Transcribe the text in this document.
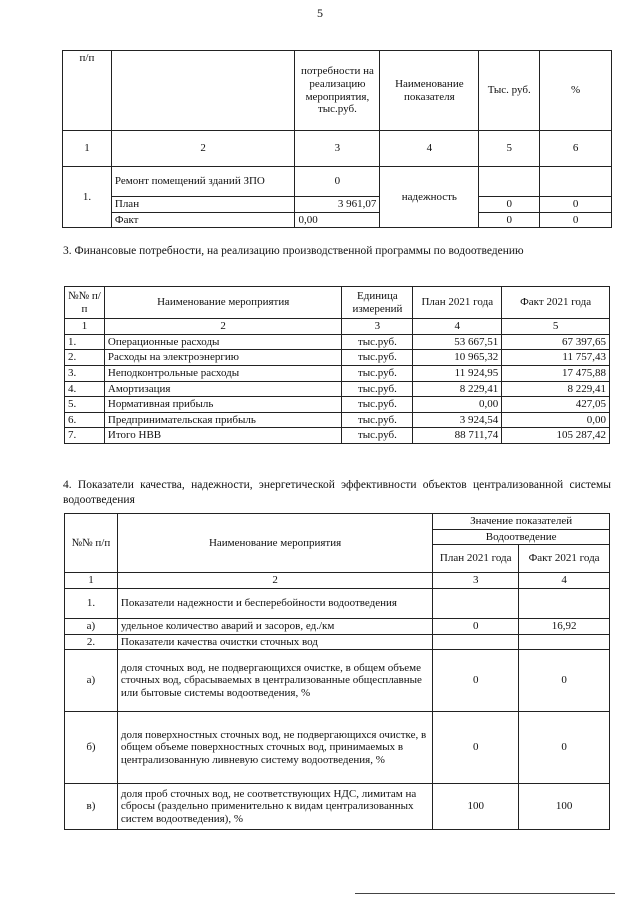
5
п/п		потребности на реализацию мероприятия, тыс.руб.	Наименование показателя	Тыс. руб.	%
1	2	3	4	5	6
1.	Ремонт помещений зданий ЗПО	0	надежность		
	План	3 961,07		0	0
	Факт	0,00		0	0
3. Финансовые потребности, на реализацию производственной программы по водоотведению
№№ п/п	Наименование мероприятия	Единица измерений	План 2021 года	Факт 2021 года
1	2	3	4	5
1.	Операционные расходы	тыс.руб.	53 667,51	67 397,65
2.	Расходы на электроэнергию	тыс.руб.	10 965,32	11 757,43
3.	Неподконтрольные расходы	тыс.руб.	11 924,95	17 475,88
4.	Амортизация	тыс.руб.	8 229,41	8 229,41
5.	Нормативная прибыль	тыс.руб.	0,00	427,05
6.	Предпринимательская прибыль	тыс.руб.	3 924,54	0,00
7.	Итого НВВ	тыс.руб.	88 711,74	105 287,42
4. Показатели качества, надежности, энергетической эффективности объектов централизованной системы водоотведения
№№ п/п	Наименование мероприятия	Значение показателей	
		Водоотведение	
		План 2021 года	Факт 2021 года
1	2	3	4
1.	Показатели надежности и бесперебойности водоотведения		
а)	удельное количество аварий и засоров, ед./км	0	16,92
2.	Показатели качества очистки сточных вод		
а)	доля сточных вод, не подвергающихся очистке, в общем объеме сточных вод, сбрасываемых в централизованные общесплавные или бытовые системы водоотведения, %	0	0
б)	доля поверхностных сточных вод, не подвергающихся очистке, в общем объеме поверхностных сточных вод, принимаемых в централизованную ливневую систему водоотведения, %	0	0
в)	доля проб сточных вод, не соответствующих НДС, лимитам на сбросы (раздельно применительно к видам централизованных систем водоотведения), %	100	100
